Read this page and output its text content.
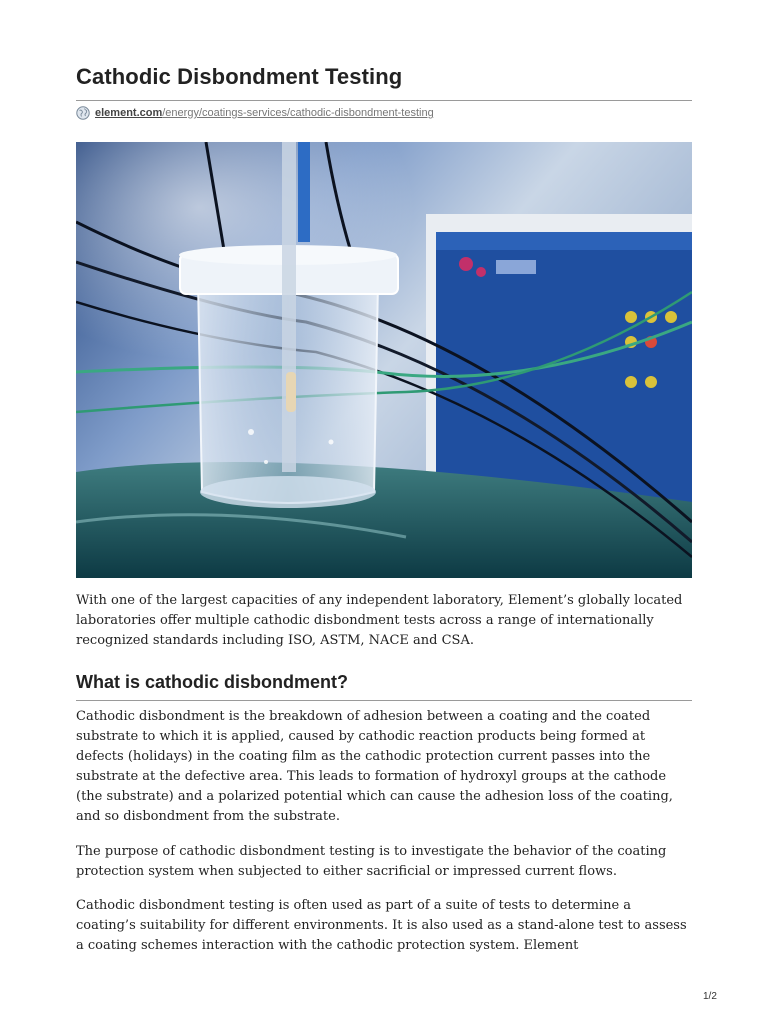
Cathodic Disbondment Testing
element.com/energy/coatings-services/cathodic-disbondment-testing

With one of the largest capacities of any independent laboratory, Element’s globally located laboratories offer multiple cathodic disbondment tests across a range of internationally recognized standards including ISO, ASTM, NACE and CSA.

What is cathodic disbondment?

Cathodic disbondment is the breakdown of adhesion between a coating and the coated substrate to which it is applied, caused by cathodic reaction products being formed at defects (holidays) in the coating film as the cathodic protection current passes into the substrate at the defective area. This leads to formation of hydroxyl groups at the cathode (the substrate) and a polarized potential which can cause the adhesion loss of the coating, and so disbondment from the substrate.

The purpose of cathodic disbondment testing is to investigate the behavior of the coating protection system when subjected to either sacrificial or impressed current flows.

Cathodic disbondment testing is often used as part of a suite of tests to determine a coating’s suitability for different environments. It is also used as a stand-alone test to assess a coating schemes interaction with the cathodic protection system. Element

1/2
